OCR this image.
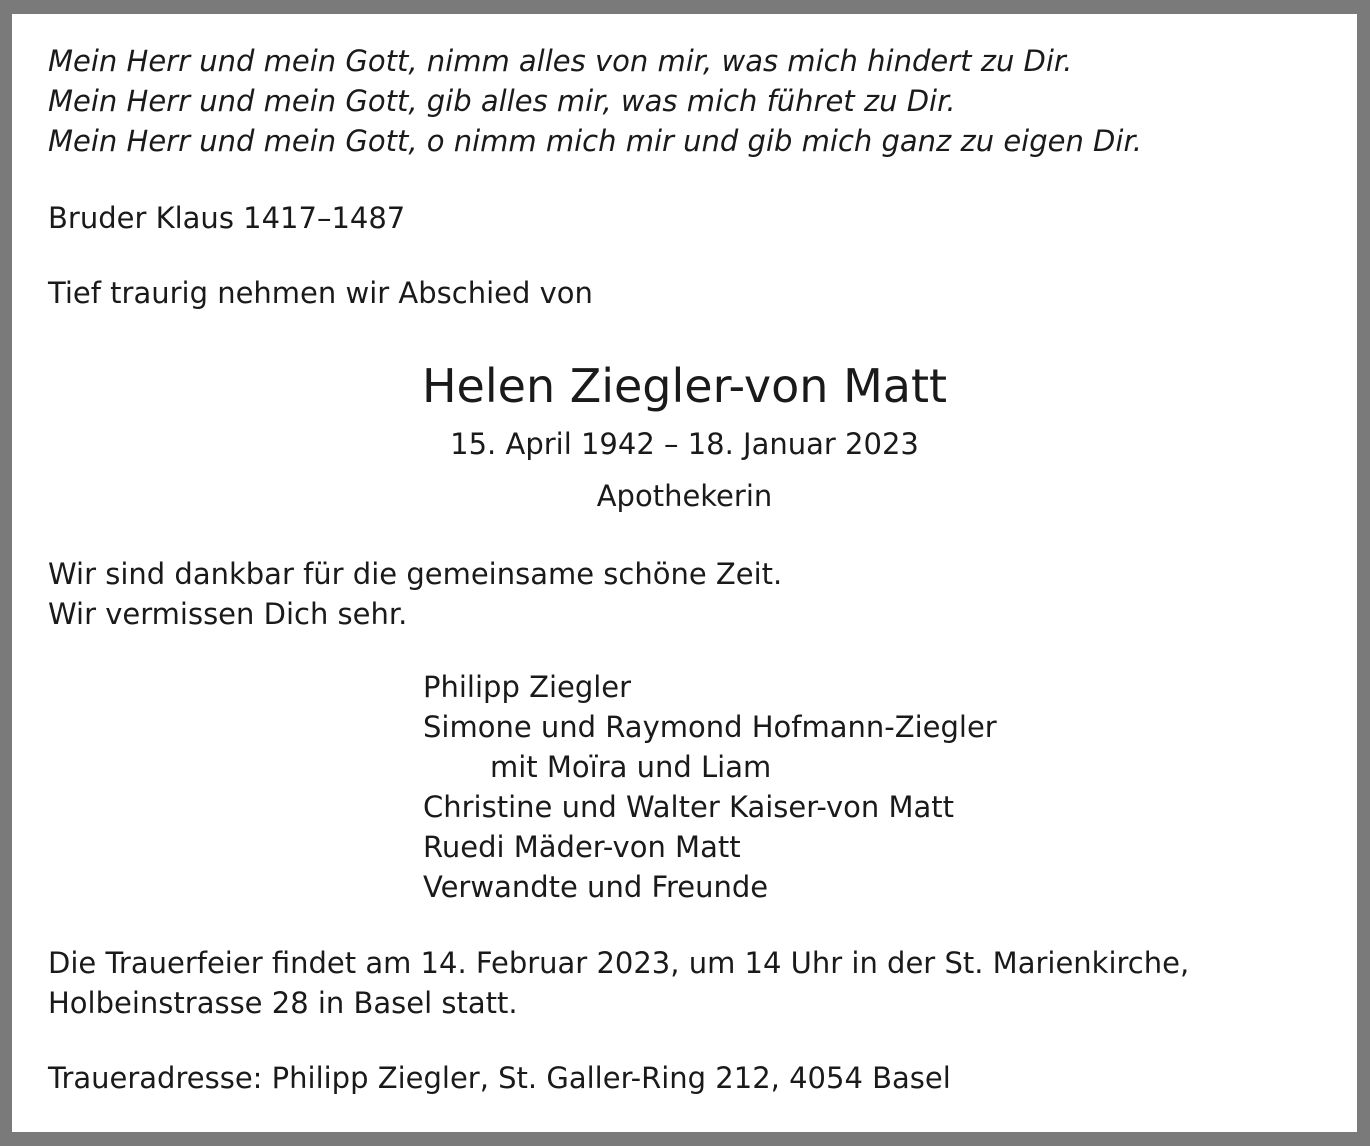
Mein Herr und mein Gott, nimm alles von mir, was mich hindert zu Dir.
Mein Herr und mein Gott, gib alles mir, was mich führet zu Dir.
Mein Herr und mein Gott, o nimm mich mir und gib mich ganz zu eigen Dir.
Bruder Klaus 1417–1487
Tief traurig nehmen wir Abschied von
Helen Ziegler-von Matt
15. April 1942 – 18. Januar 2023
Apothekerin
Wir sind dankbar für die gemeinsame schöne Zeit.
Wir vermissen Dich sehr.
Philipp Ziegler
Simone und Raymond Hofmann-Ziegler
mit Moïra und Liam
Christine und Walter Kaiser-von Matt
Ruedi Mäder-von Matt
Verwandte und Freunde
Die Trauerfeier findet am 14. Februar 2023, um 14 Uhr in der St. Marienkirche,
Holbeinstrasse 28 in Basel statt.
Traueradresse: Philipp Ziegler, St. Galler-Ring 212, 4054 Basel
